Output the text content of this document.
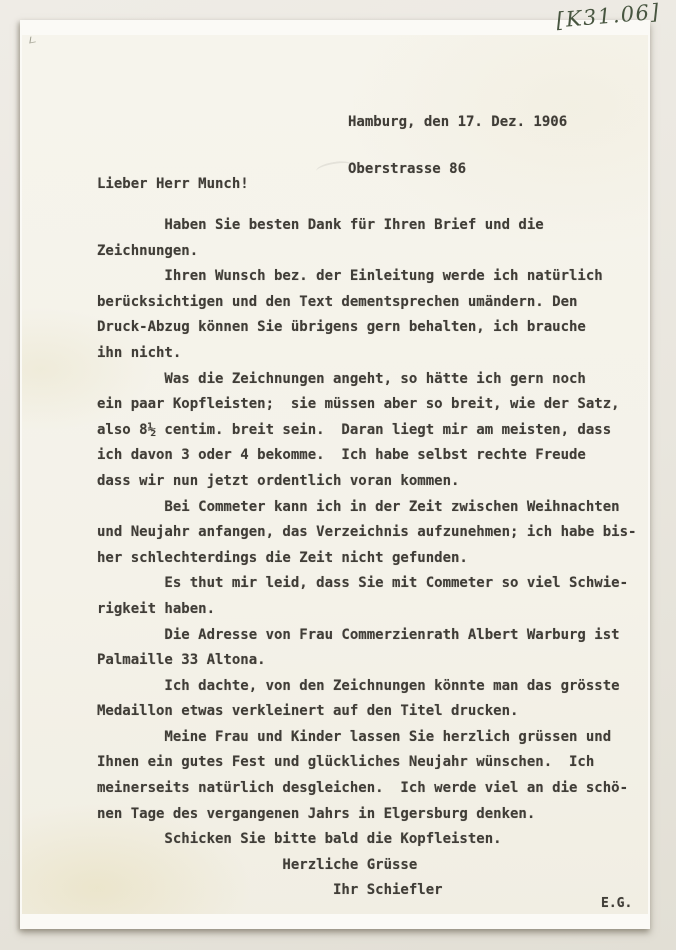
[K31.06]

Hamburg, den 17. Dez. 1906

Oberstrasse 86

Lieber Herr Munch!
Haben Sie besten Dank für Ihren Brief und die
Zeichnungen.
Ihren Wunsch bez. der Einleitung werde ich natürlich
berücksichtigen und den Text dementsprechen umändern. Den
Druck-Abzug können Sie übrigens gern behalten, ich brauche
ihn nicht.
Was die Zeichnungen angeht, so hätte ich gern noch
ein paar Kopfleisten;  sie müssen aber so breit, wie der Satz,
also 8½ centim. breit sein.  Daran liegt mir am meisten, dass
ich davon 3 oder 4 bekomme.  Ich habe selbst rechte Freude
dass wir nun jetzt ordentlich voran kommen.
Bei Commeter kann ich in der Zeit zwischen Weihnachten
und Neujahr anfangen, das Verzeichnis aufzunehmen; ich habe bis-
her schlechterdings die Zeit nicht gefunden.
Es thut mir leid, dass Sie mit Commeter so viel Schwie-
rigkeit haben.
Die Adresse von Frau Commerzienrath Albert Warburg ist
Palmaille 33 Altona.
Ich dachte, von den Zeichnungen könnte man das grösste
Medaillon etwas verkleinert auf den Titel drucken.
Meine Frau und Kinder lassen Sie herzlich grüssen und
Ihnen ein gutes Fest und glückliches Neujahr wünschen.  Ich
meinerseits natürlich desgleichen.  Ich werde viel an die schö-
nen Tage des vergangenen Jahrs in Elgersburg denken.
Schicken Sie bitte bald die Kopfleisten.
Herzliche Grüsse
Ihr Schiefler
E.G.
